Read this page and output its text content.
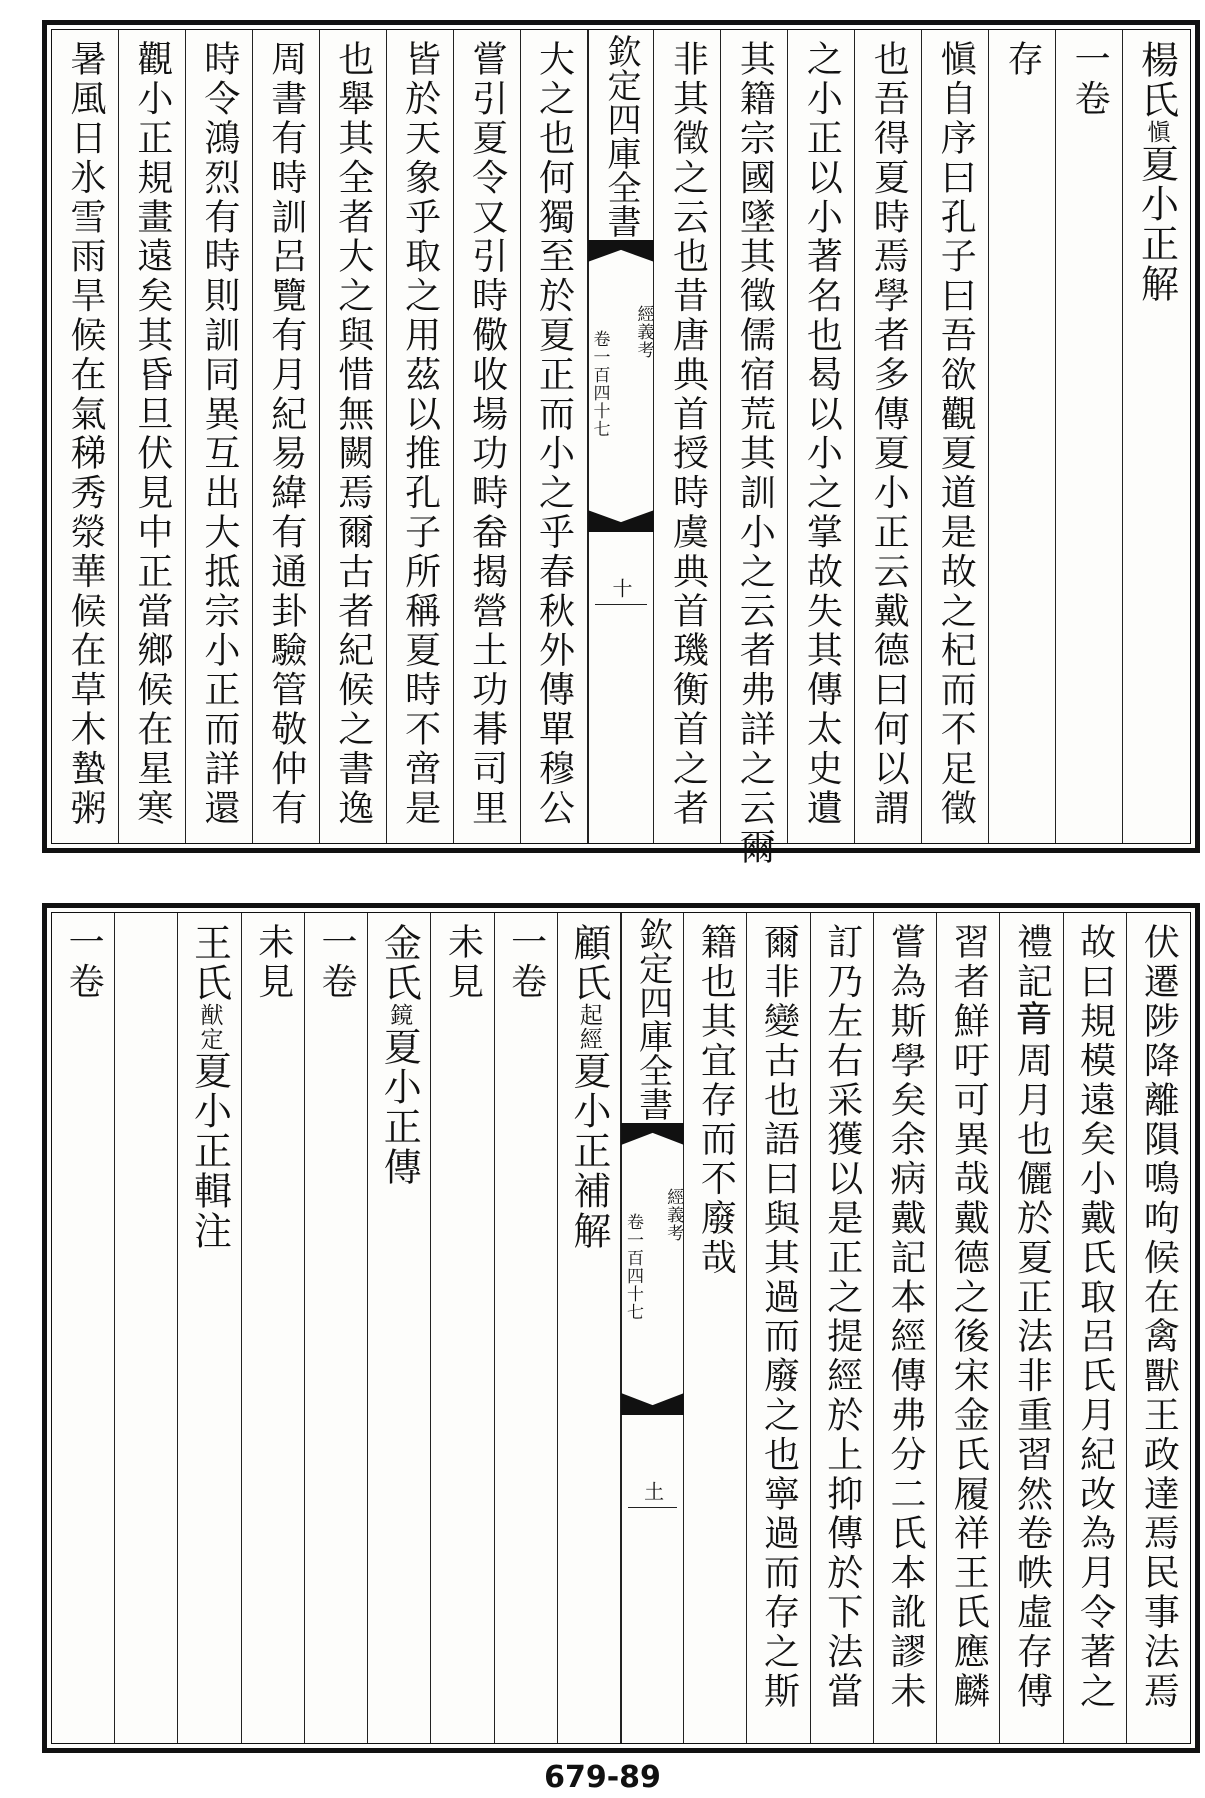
楊氏愼夏小正解
一卷
存
愼自序曰孔子曰吾欲觀夏道是故之杞而不足徵
也吾得夏時焉學者多傳夏小正云戴德曰何以謂
之小正以小著名也曷以小之掌故失其傳太史遺
其籍宗國墜其徵儒宿荒其訓小之云者弗詳之云爾
非其徵之云也昔唐典首授時虞典首璣衡首之者
欽定四庫全書
經義考
卷一百四十七
十
大之也何獨至於夏正而小之乎春秋外傳單穆公
嘗引夏令又引時儆收場功畤畚揭營土功朞司里
皆於天象乎取之用茲以推孔子所稱夏時不啻是
也舉其全者大之與惜無闕焉爾古者紀候之書逸
周書有時訓呂覽有月紀易緯有通卦驗管敬仲有
時令鴻烈有時則訓同異互出大抵宗小正而詳還
觀小正規畫遠矣其昏旦伏見中正當鄉候在星寒
暑風日氷雪雨旱候在氣稊秀滎華候在草木蟄粥
伏遷陟降離隕鳴呴候在禽獸王政達焉民事法焉
故曰規模遠矣小戴氏取呂氏月紀改為月令著之
禮記𦚏周月也儷於夏正法非重習然卷帙虛存傅
習者鮮吁可異哉戴德之後宋金氏履祥王氏應麟
嘗為斯學矣余病戴記本經傳弗分二氏本訛謬未
訂乃左右采獲以是正之提經於上抑傳於下法當
爾非變古也語曰與其過而廢之也寧過而存之斯
籍也其宜存而不廢哉
欽定四庫全書
經義考
卷一百四十七
土
顧氏起經夏小正補解
一卷
未見
金氏鏡夏小正傳
一卷
未見
王氏猷定夏小正輯注
一卷
679-89
